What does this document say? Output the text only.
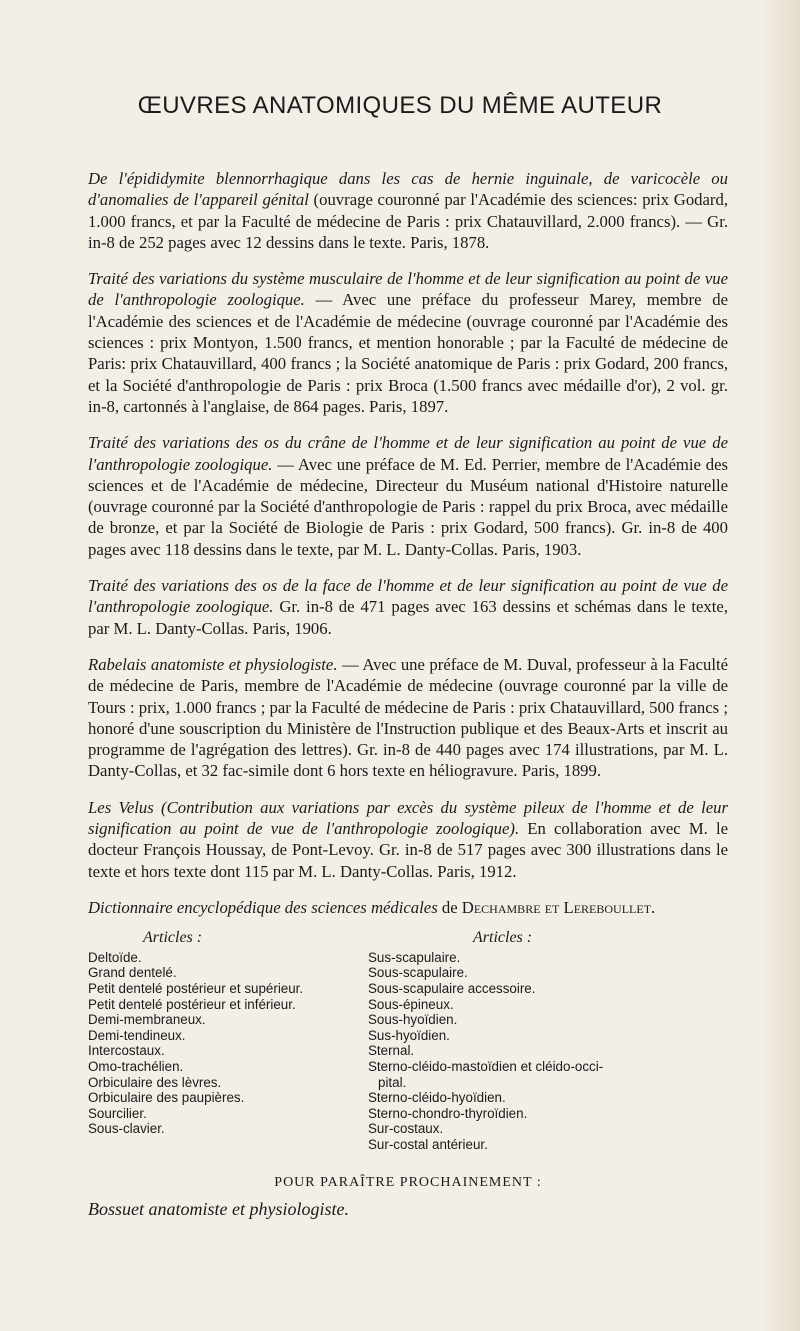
ŒUVRES ANATOMIQUES DU MÊME AUTEUR

De l'épididymite blennorrhagique dans les cas de hernie inguinale, de varicocèle ou d'anomalies de l'appareil génital (ouvrage couronné par l'Académie des sciences: prix Godard, 1.000 francs, et par la Faculté de médecine de Paris : prix Chatauvillard, 2.000 francs). — Gr. in-8 de 252 pages avec 12 dessins dans le texte. Paris, 1878.

Traité des variations du système musculaire de l'homme et de leur signification au point de vue de l'anthropologie zoologique. — Avec une préface du professeur Marey, membre de l'Académie des sciences et de l'Académie de médecine (ouvrage couronné par l'Académie des sciences : prix Montyon, 1.500 francs, et mention honorable ; par la Faculté de médecine de Paris: prix Chatauvillard, 400 francs ; la Société anatomique de Paris : prix Godard, 200 francs, et la Société d'anthropologie de Paris : prix Broca (1.500 francs avec médaille d'or), 2 vol. gr. in-8, cartonnés à l'anglaise, de 864 pages. Paris, 1897.

Traité des variations des os du crâne de l'homme et de leur signification au point de vue de l'anthropologie zoologique. — Avec une préface de M. Ed. Perrier, membre de l'Académie des sciences et de l'Académie de médecine, Directeur du Muséum national d'Histoire naturelle (ouvrage couronné par la Société d'anthropologie de Paris : rappel du prix Broca, avec médaille de bronze, et par la Société de Biologie de Paris : prix Godard, 500 francs). Gr. in-8 de 400 pages avec 118 dessins dans le texte, par M. L. Danty-Collas. Paris, 1903.

Traité des variations des os de la face de l'homme et de leur signification au point de vue de l'anthropologie zoologique. Gr. in-8 de 471 pages avec 163 dessins et schémas dans le texte, par M. L. Danty-Collas. Paris, 1906.

Rabelais anatomiste et physiologiste. — Avec une préface de M. Duval, professeur à la Faculté de médecine de Paris, membre de l'Académie de médecine (ouvrage couronné par la ville de Tours : prix, 1.000 francs ; par la Faculté de médecine de Paris : prix Chatauvillard, 500 francs ; honoré d'une souscription du Ministère de l'Instruction publique et des Beaux-Arts et inscrit au programme de l'agrégation des lettres). Gr. in-8 de 440 pages avec 174 illustrations, par M. L. Danty-Collas, et 32 fac-simile dont 6 hors texte en héliogravure. Paris, 1899.

Les Velus (Contribution aux variations par excès du système pileux de l'homme et de leur signification au point de vue de l'anthropologie zoologique). En collaboration avec M. le docteur François Houssay, de Pont-Levoy. Gr. in-8 de 517 pages avec 300 illustrations dans le texte et hors texte dont 115 par M. L. Danty-Collas. Paris, 1912.

Dictionnaire encyclopédique des sciences médicales de Dechambre et Lereboullet.

Articles :
Deltoïde.
Grand dentelé.
Petit dentelé postérieur et supérieur.
Petit dentelé postérieur et inférieur.
Demi-membraneux.
Demi-tendineux.
Intercostaux.
Omo-trachélien.
Orbiculaire des lèvres.
Orbiculaire des paupières.
Sourcilier.
Sous-clavier.
Articles :
Sus-scapulaire.
Sous-scapulaire.
Sous-scapulaire accessoire.
Sous-épineux.
Sous-hyoïdien.
Sus-hyoïdien.
Sternal.
Sterno-cléido-mastoïdien et cléido-occi-
pital.
Sterno-cléido-hyoïdien.
Sterno-chondro-thyroïdien.
Sur-costaux.
Sur-costal antérieur.
POUR PARAÎTRE PROCHAINEMENT :
Bossuet anatomiste et physiologiste.
